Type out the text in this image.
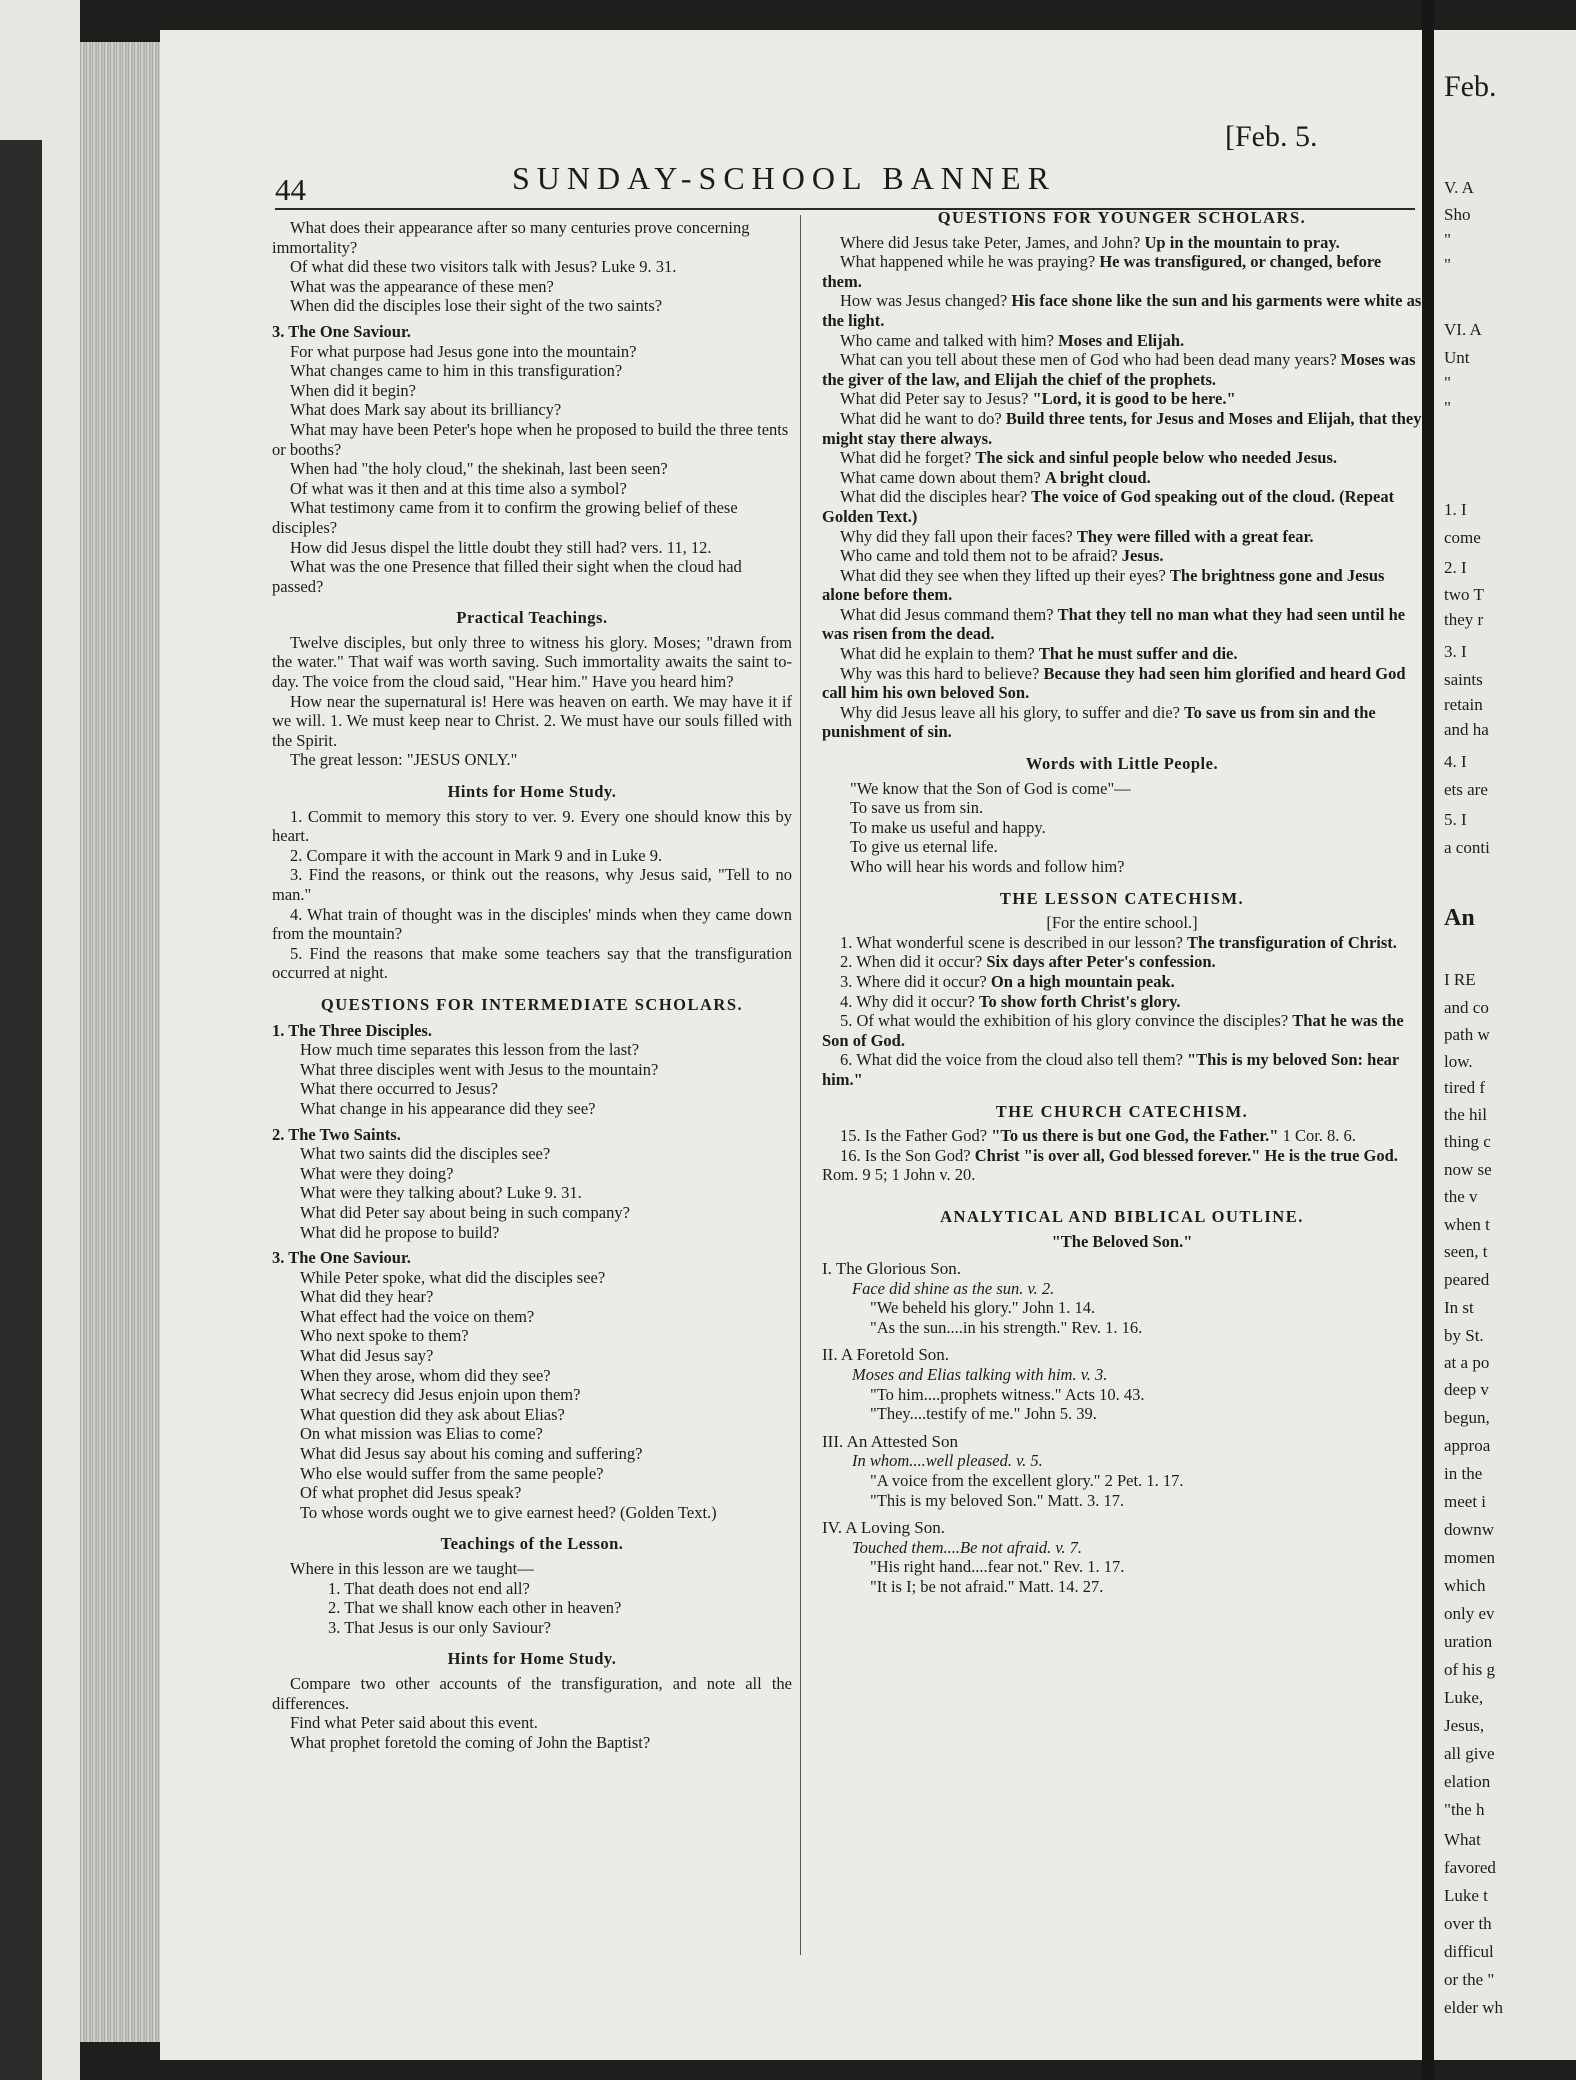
44	SUNDAY-SCHOOL BANNER
[Feb. 5.

What does their appearance after so many centuries prove concerning immortality?

Of what did these two visitors talk with Jesus? Luke 9. 31.

What was the appearance of these men?

When did the disciples lose their sight of the two saints?

3. The One Saviour.

For what purpose had Jesus gone into the mountain?

What changes came to him in this transfiguration?

When did it begin?

What does Mark say about its brilliancy?

What may have been Peter's hope when he proposed to build the three tents or booths?

When had "the holy cloud," the shekinah, last been seen?

Of what was it then and at this time also a symbol?

What testimony came from it to confirm the growing belief of these disciples?

How did Jesus dispel the little doubt they still had? vers. 11, 12.

What was the one Presence that filled their sight when the cloud had passed?

Practical Teachings.

Twelve disciples, but only three to witness his glory. Moses; "drawn from the water." That waif was worth saving. Such immortality awaits the saint to-day. The voice from the cloud said, "Hear him." Have you heard him?

How near the supernatural is! Here was heaven on earth. We may have it if we will. 1. We must keep near to Christ. 2. We must have our souls filled with the Spirit.

The great lesson: "JESUS ONLY."

Hints for Home Study.

1. Commit to memory this story to ver. 9. Every one should know this by heart.

2. Compare it with the account in Mark 9 and in Luke 9.

3. Find the reasons, or think out the reasons, why Jesus said, "Tell to no man."

4. What train of thought was in the disciples' minds when they came down from the mountain?

5. Find the reasons that make some teachers say that the transfiguration occurred at night.

QUESTIONS FOR INTERMEDIATE SCHOLARS.

1. The Three Disciples.

How much time separates this lesson from the last?

What three disciples went with Jesus to the mountain?

What there occurred to Jesus?

What change in his appearance did they see?

2. The Two Saints.

What two saints did the disciples see?

What were they doing?

What were they talking about? Luke 9. 31.

What did Peter say about being in such company?

What did he propose to build?

3. The One Saviour.

While Peter spoke, what did the disciples see?

What did they hear?

What effect had the voice on them?

Who next spoke to them?

What did Jesus say?

When they arose, whom did they see?

What secrecy did Jesus enjoin upon them?

What question did they ask about Elias?

On what mission was Elias to come?

What did Jesus say about his coming and suffering?

Who else would suffer from the same people?

Of what prophet did Jesus speak?

To whose words ought we to give earnest heed? (Golden Text.)

Teachings of the Lesson.

Where in this lesson are we taught—

1. That death does not end all?

2. That we shall know each other in heaven?

3. That Jesus is our only Saviour?

Hints for Home Study.

Compare two other accounts of the transfiguration, and note all the differences.

Find what Peter said about this event.

What prophet foretold the coming of John the Baptist?

QUESTIONS FOR YOUNGER SCHOLARS.

Where did Jesus take Peter, James, and John? Up in the mountain to pray.

What happened while he was praying? He was transfigured, or changed, before them.

How was Jesus changed? His face shone like the sun and his garments were white as the light.

Who came and talked with him? Moses and Elijah.

What can you tell about these men of God who had been dead many years? Moses was the giver of the law, and Elijah the chief of the prophets.

What did Peter say to Jesus? "Lord, it is good to be here."

What did he want to do? Build three tents, for Jesus and Moses and Elijah, that they might stay there always.

What did he forget? The sick and sinful people below who needed Jesus.

What came down about them? A bright cloud.

What did the disciples hear? The voice of God speaking out of the cloud. (Repeat Golden Text.)

Why did they fall upon their faces? They were filled with a great fear.

Who came and told them not to be afraid? Jesus.

What did they see when they lifted up their eyes? The brightness gone and Jesus alone before them.

What did Jesus command them? That they tell no man what they had seen until he was risen from the dead.

What did he explain to them? That he must suffer and die.

Why was this hard to believe? Because they had seen him glorified and heard God call him his own beloved Son.

Why did Jesus leave all his glory, to suffer and die? To save us from sin and the punishment of sin.

Words with Little People.

"We know that the Son of God is come"—

To save us from sin.

To make us useful and happy.

To give us eternal life.

Who will hear his words and follow him?

THE LESSON CATECHISM.

[For the entire school.]

1. What wonderful scene is described in our lesson? The transfiguration of Christ.

2. When did it occur? Six days after Peter's confession.

3. Where did it occur? On a high mountain peak.

4. Why did it occur? To show forth Christ's glory.

5. Of what would the exhibition of his glory convince the disciples? That he was the Son of God.

6. What did the voice from the cloud also tell them? "This is my beloved Son: hear him."

THE CHURCH CATECHISM.

15. Is the Father God? "To us there is but one God, the Father." 1 Cor. 8. 6.

16. Is the Son God? Christ "is over all, God blessed forever." He is the true God. Rom. 9 5; 1 John v. 20.

ANALYTICAL AND BIBLICAL OUTLINE.

"The Beloved Son."

I. The Glorious Son.

Face did shine as the sun. v. 2.

"We beheld his glory." John 1. 14.

"As the sun....in his strength." Rev. 1. 16.

II. A Foretold Son.

Moses and Elias talking with him. v. 3.

"To him....prophets witness." Acts 10. 43.

"They....testify of me." John 5. 39.

III. An Attested Son

In whom....well pleased. v. 5.

"A voice from the excellent glory." 2 Pet. 1. 17.

"This is my beloved Son." Matt. 3. 17.

IV. A Loving Son.

Touched them....Be not afraid. v. 7.

"His right hand....fear not." Rev. 1. 17.

"It is I; be not afraid." Matt. 14. 27.

Feb.
V. A
Sho
"
"
VI. A
Unt
"
"
1. I
come
2. I
two T
they r
3. I
saints
retain
and ha
4. I
ets are
5. I
a conti
An
I RE
and co
path w
low.
tired f
the hil
thing c
now se
the v
when t
seen, t
peared
In st
by St.
at a po
deep v
begun,
approa
in the
meet i
downw
momen
which
only ev
uration
of his g
Luke,
Jesus,
all give
elation
"the h
What
favored
Luke t
over th
difficul
or the "
elder wh
